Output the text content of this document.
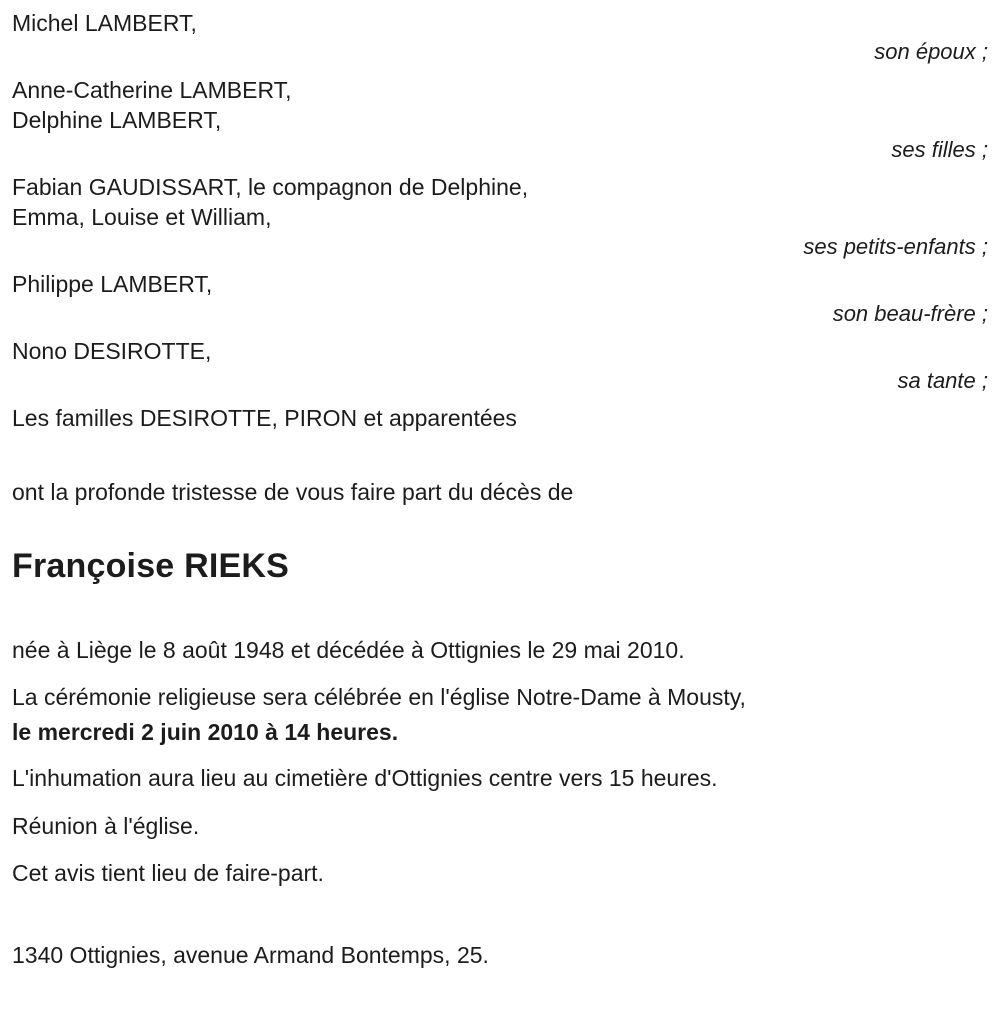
Michel LAMBERT,
son époux ;
Anne-Catherine LAMBERT,
Delphine LAMBERT,
ses filles ;
Fabian GAUDISSART, le compagnon de Delphine,
Emma, Louise et William,
ses petits-enfants ;
Philippe LAMBERT,
son beau-frère ;
Nono DESIROTTE,
sa tante ;
Les familles DESIROTTE, PIRON et apparentées
ont la profonde tristesse de vous faire part du décès de
Françoise RIEKS
née à Liège le 8 août 1948 et décédée à Ottignies le 29 mai 2010.
La cérémonie religieuse sera célébrée en l'église Notre-Dame à Mousty,
le mercredi 2 juin 2010 à 14 heures.
L'inhumation aura lieu au cimetière d'Ottignies centre vers 15 heures.
Réunion à l'église.
Cet avis tient lieu de faire-part.
1340 Ottignies, avenue Armand Bontemps, 25.
